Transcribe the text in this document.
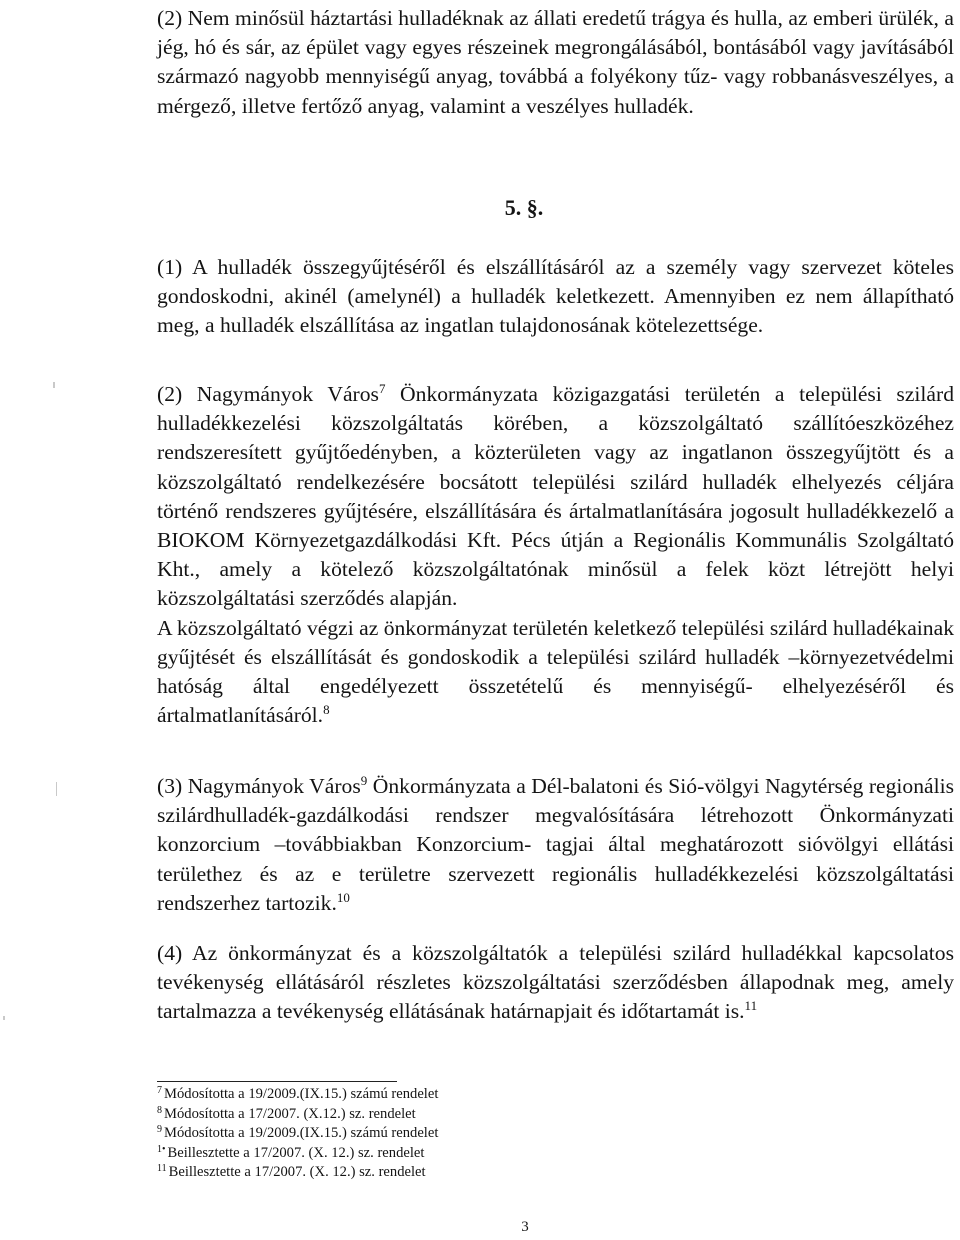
(2) Nem minősül háztartási hulladéknak az állati eredetű trágya és hulla, az emberi ürülék, a jég, hó és sár, az épület vagy egyes részeinek megrongálásából, bontásából vagy javításából származó nagyobb mennyiségű anyag, továbbá a folyékony tűz- vagy robbanásveszélyes, a mérgező, illetve fertőző anyag, valamint a veszélyes hulladék.

5. §.

(1) A hulladék összegyűjtéséről és elszállításáról az a személy vagy szervezet köteles gondoskodni, akinél (amelynél) a hulladék keletkezett. Amennyiben ez nem állapítható meg, a hulladék elszállítása az ingatlan tulajdonosának kötelezettsége.

(2) Nagymányok Város$^7$ Önkormányzata közigazgatási területén a települési szilárd hulladékkezelési közszolgáltatás körében, a közszolgáltató szállítóeszközéhez rendszeresített gyűjtőedényben, a közterületen vagy az ingatlanon összegyűjtött és a közszolgáltató rendelkezésére bocsátott települési szilárd hulladék elhelyezés céljára történő rendszeres gyűjtésére, elszállítására és ártalmatlanítására jogosult hulladékkezelő a BIOKOM Környezetgazdálkodási Kft. Pécs útján a Regionális Kommunális Szolgáltató Kht., amely a kötelező közszolgáltatónak minősül a felek közt létrejött helyi közszolgáltatási szerződés alapján.
A közszolgáltató végzi az önkormányzat területén keletkező települési szilárd hulladékainak gyűjtését és elszállítását és gondoskodik a települési szilárd hulladék –környezetvédelmi hatóság által engedélyezett összetételű és mennyiségű- elhelyezéséről és ártalmatlanításáról.$^8$

(3) Nagymányok Város$^9$ Önkormányzata a Dél-balatoni és Sió-völgyi Nagytérség regionális szilárdhulladék-gazdálkodási rendszer megvalósítására létrehozott Önkormányzati konzorcium –továbbiakban Konzorcium- tagjai által meghatározott sióvölgyi ellátási területhez és az e területre szervezett regionális hulladékkezelési közszolgáltatási rendszerhez tartozik.$^{10}$

(4) Az önkormányzat és a közszolgáltatók a települési szilárd hulladékkal kapcsolatos tevékenység ellátásáról részletes közszolgáltatási szerződésben állapodnak meg, amely tartalmazza a tevékenység ellátásának határnapjait és időtartamát is.$^{11}$

$^7$ Módosította a 19/2009.(IX.15.) számú rendelet
$^8$ Módosította a 17/2007. (X.12.) sz. rendelet
$^9$ Módosította a 19/2009.(IX.15.) számú rendelet
$^{1•}$ Beillesztette a 17/2007. (X. 12.) sz. rendelet
$^{11}$ Beillesztette a 17/2007. (X. 12.) sz. rendelet
3
